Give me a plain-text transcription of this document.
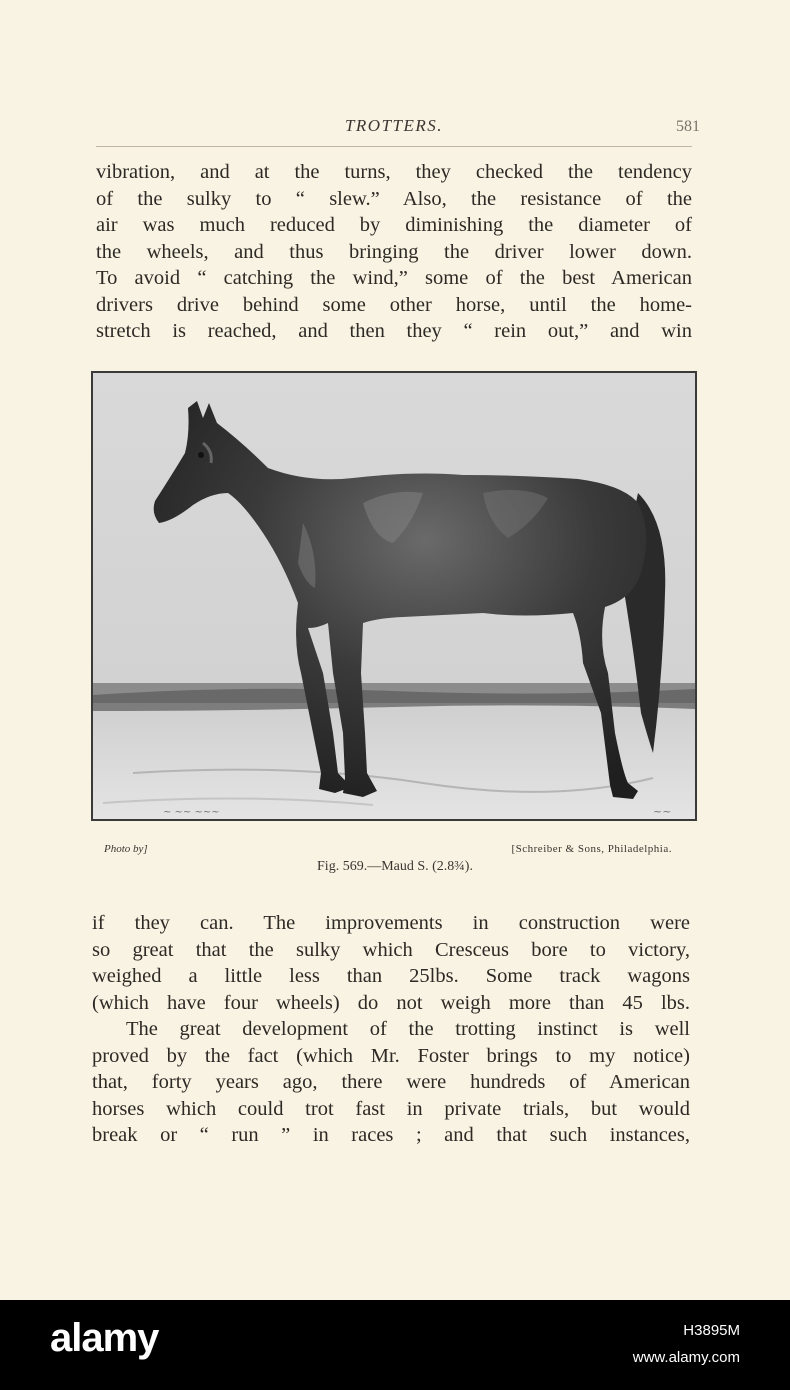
TROTTERS.	581
vibration, and at the turns, they checked the tendency
of the sulky to “ slew.” Also, the resistance of the
air was much reduced by diminishing the diameter of
the wheels, and thus bringing the driver lower down.
To avoid “ catching the wind,” some of the best American
drivers drive behind some other horse, until the home-
stretch is reached, and then they “ rein out,” and win
~ ~~ ~~~	~~
Photo by]	[Schreiber & Sons, Philadelphia.
Fig. 569.—Maud S. (2.8¾).
if they can. The improvements in construction were
so great that the sulky which Cresceus bore to victory,
weighed a little less than 25lbs. Some track wagons
(which have four wheels) do not weigh more than 45 lbs.
The great development of the trotting instinct is well
proved by the fact (which Mr. Foster brings to my notice)
that, forty years ago, there were hundreds of American
horses which could trot fast in private trials, but would
break or “ run ” in races ; and that such instances,
alamy	H3895M
www.alamy.com
